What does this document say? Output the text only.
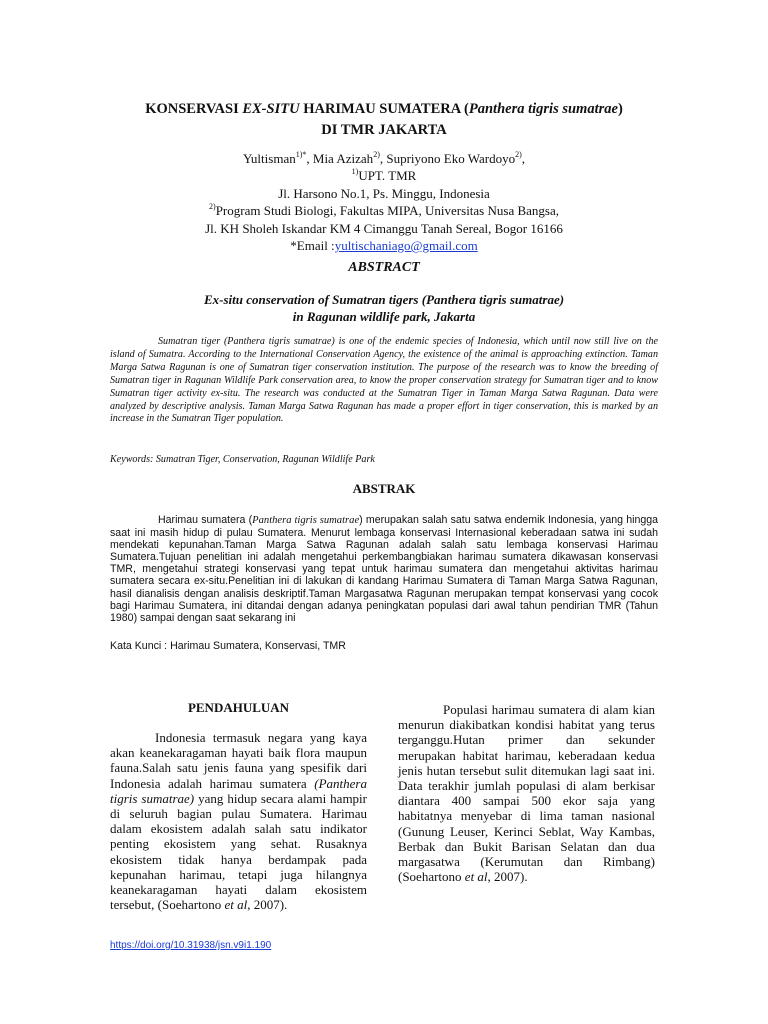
KONSERVASI EX-SITU HARIMAU SUMATERA (Panthera tigris sumatrae)
DI TMR JAKARTA
Yultisman$^{1)*}$, Mia Azizah$^{2)}$, Supriyono Eko Wardoyo$^{2)}$,
$^{1)}$UPT. TMR
Jl. Harsono No.1, Ps. Minggu, Indonesia
$^{2)}$Program Studi Biologi, Fakultas MIPA, Universitas Nusa Bangsa,
Jl. KH Sholeh Iskandar KM 4 Cimanggu Tanah Sereal, Bogor 16166
*Email :yultischaniago@gmail.com
ABSTRACT
Ex-situ conservation of Sumatran tigers (Panthera tigris sumatrae)
in Ragunan wildlife park, Jakarta
Sumatran tiger (Panthera tigris sumatrae) is one of the endemic species of Indonesia, which until now still live on the island of Sumatra. According to the International Conservation Agency, the existence of the animal is approaching extinction. Taman Marga Satwa Ragunan is one of Sumatran tiger conservation institution. The purpose of the research was to know the breeding of Sumatran tiger in Ragunan Wildlife Park conservation area, to know the proper conservation strategy for Sumatran tiger and to know Sumatran tiger activity ex-situ. The research was conducted at the Sumatran Tiger in Taman Marga Satwa Ragunan. Data were analyzed by descriptive analysis. Taman Marga Satwa Ragunan has made a proper effort in tiger conservation, this is marked by an increase in the Sumatran Tiger population.
Keywords: Sumatran Tiger, Conservation, Ragunan Wildlife Park
ABSTRAK
Harimau sumatera (Panthera tigris sumatrae) merupakan salah satu satwa endemik Indonesia, yang hingga saat ini masih hidup di pulau Sumatera. Menurut lembaga konservasi Internasional keberadaan satwa ini sudah mendekati kepunahan.Taman Marga Satwa Ragunan adalah salah satu lembaga konservasi Harimau Sumatera.Tujuan penelitian ini adalah mengetahui perkembangbiakan harimau sumatera dikawasan konservasi TMR, mengetahui strategi konservasi yang tepat untuk harimau sumatera dan mengetahui aktivitas harimau sumatera secara ex-situ.Penelitian ini di lakukan di kandang Harimau Sumatera di Taman Marga Satwa Ragunan, hasil dianalisis dengan analisis deskriptif.Taman Margasatwa Ragunan merupakan tempat konservasi yang cocok bagi Harimau Sumatera, ini ditandai dengan adanya peningkatan populasi dari awal tahun pendirian TMR (Tahun 1980) sampai dengan saat sekarang ini
Kata Kunci : Harimau Sumatera, Konservasi, TMR
PENDAHULUAN

Indonesia termasuk negara yang kaya akan keanekaragaman hayati baik flora maupun fauna.Salah satu jenis fauna yang spesifik dari Indonesia adalah harimau sumatera (Panthera tigris sumatrae) yang hidup secara alami hampir di seluruh bagian pulau Sumatera. Harimau dalam ekosistem adalah salah satu indikator penting ekosistem yang sehat. Rusaknya ekosistem tidak hanya berdampak pada kepunahan harimau, tetapi juga hilangnya keanekaragaman hayati dalam ekosistem tersebut, (Soehartono et al, 2007).

Populasi harimau sumatera di alam kian menurun diakibatkan kondisi habitat yang terus terganggu.Hutan primer dan sekunder merupakan habitat harimau, keberadaan kedua jenis hutan tersebut sulit ditemukan lagi saat ini. Data terakhir jumlah populasi di alam berkisar diantara 400 sampai 500 ekor saja yang habitatnya menyebar di lima taman nasional (Gunung Leuser, Kerinci Seblat, Way Kambas, Berbak dan Bukit Barisan Selatan dan dua margasatwa (Kerumutan dan Rimbang) (Soehartono et al, 2007).

https://doi.org/10.31938/jsn.v9i1.190
